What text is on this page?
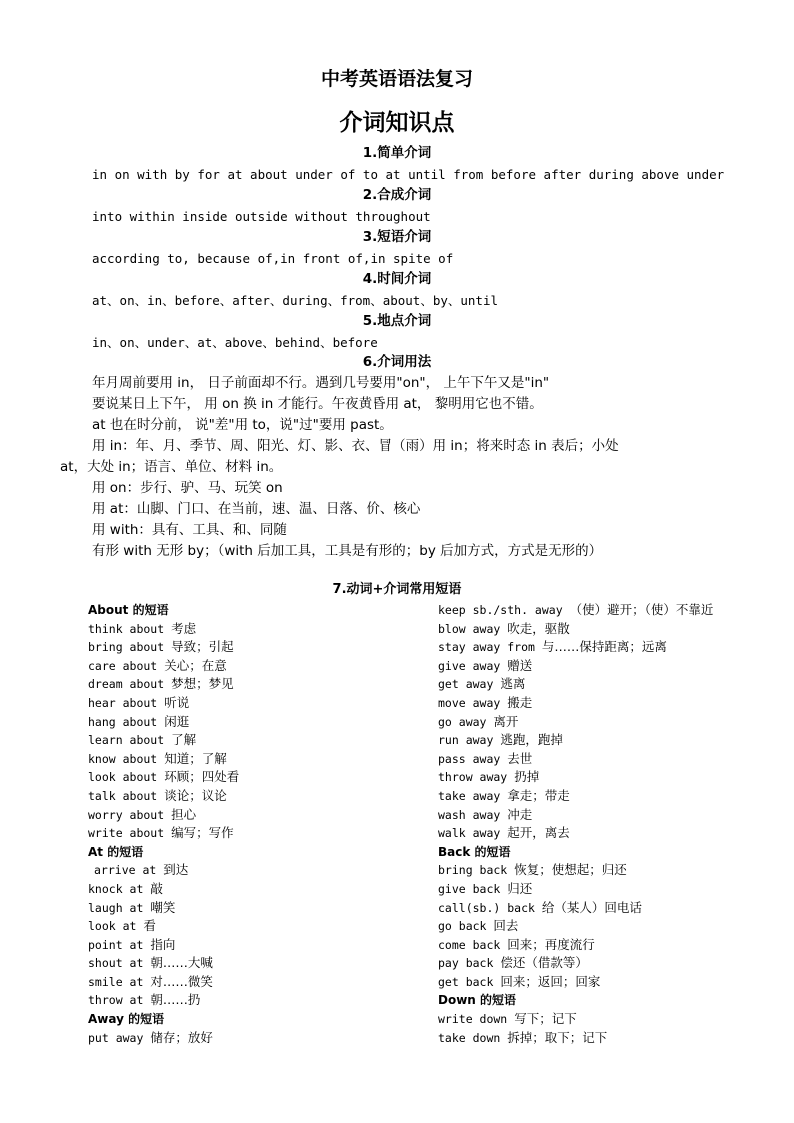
中考英语语法复习
介词知识点
1.简单介词
in on with by for at about under of to at until from before after during above under
2.合成介词
into within inside outside without throughout
3.短语介词
according to, because of,in front of,in spite of
4.时间介词
at、on、in、before、after、during、from、about、by、until
5.地点介词
in、on、under、at、above、behind、before
6.介词用法
年月周前要用 in， 日子前面却不行。遇到几号要用"on"， 上午下午又是"in"
要说某日上下午， 用 on 换 in 才能行。午夜黄昏用 at， 黎明用它也不错。
at 也在时分前， 说"差"用 to，说"过"要用 past。
用 in：年、月、季节、周、阳光、灯、影、衣、冒（雨）用 in；将来时态 in 表后；小处
at，大处 in；语言、单位、材料 in。
用 on：步行、驴、马、玩笑 on
用 at：山脚、门口、在当前，速、温、日落、价、核心
用 with：具有、工具、和、同随
有形 with 无形 by；（with 后加工具，工具是有形的；by 后加方式，方式是无形的）
7.动词+介词常用短语
About 的短语
think about 考虑
bring about 导致；引起
care about 关心；在意
dream about 梦想；梦见
hear about 听说
hang about 闲逛
learn about 了解
know about 知道；了解
look about 环顾；四处看
talk about 谈论；议论
worry about 担心
write about 编写；写作
At 的短语
arrive at 到达
knock at 敲
laugh at 嘲笑
look at 看
point at 指向
shout at 朝……大喊
smile at 对……微笑
throw at 朝……扔
Away 的短语
put away 储存；放好
keep sb./sth. away （使）避开；（使）不靠近
blow away 吹走，驱散
stay away from 与……保持距离；远离
give away 赠送
get away 逃离
move away 搬走
go away 离开
run away 逃跑，跑掉
pass away 去世
throw away 扔掉
take away 拿走；带走
wash away 冲走
walk away 起开，离去
Back 的短语
bring back 恢复；使想起；归还
give back 归还
call(sb.) back 给（某人）回电话
go back 回去
come back 回来；再度流行
pay back 偿还（借款等）
get back 回来；返回；回家
Down 的短语
write down 写下；记下
take down 拆掉；取下；记下
